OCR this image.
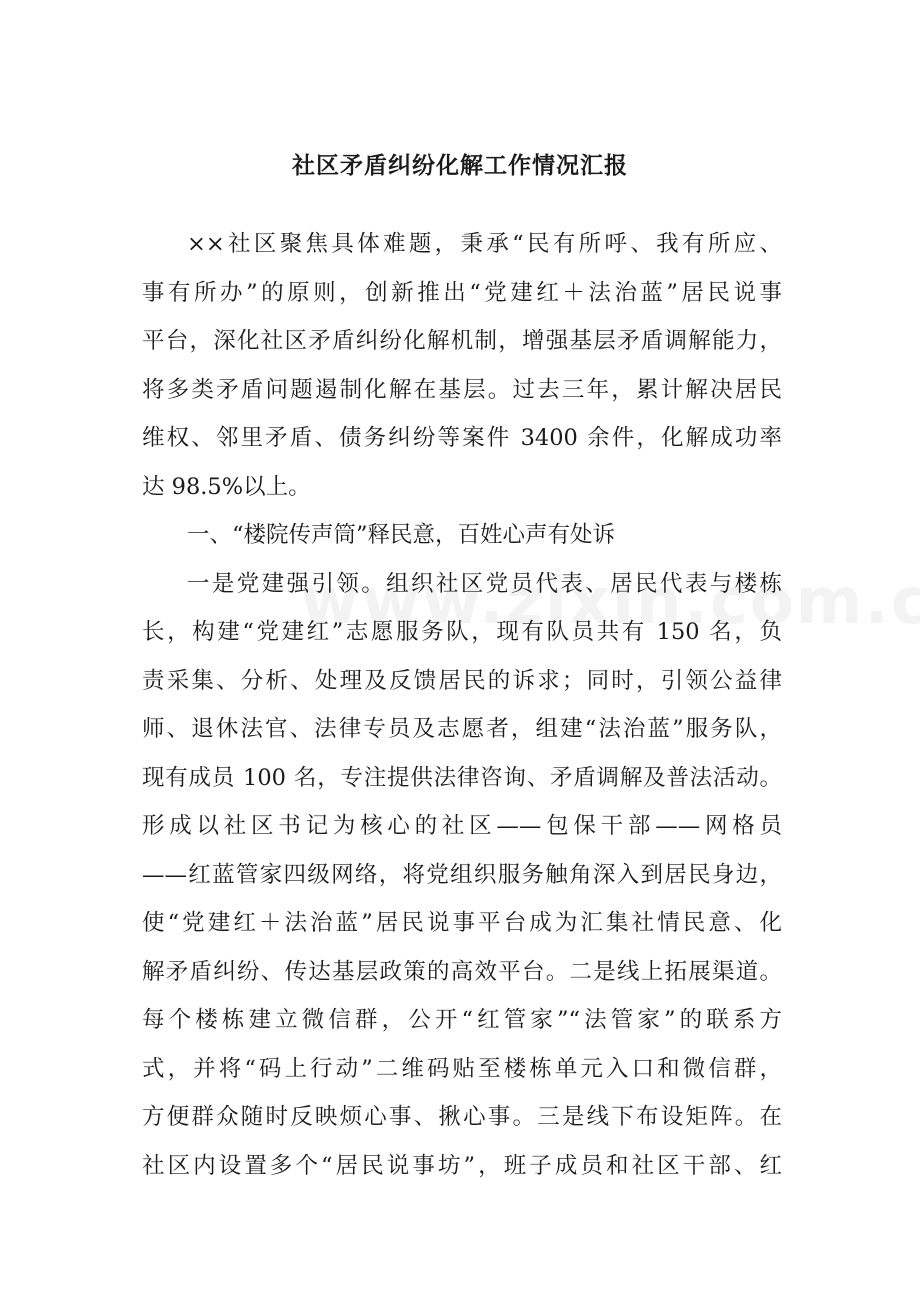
社区矛盾纠纷化解工作情况汇报
××社区聚焦具体难题，秉承“民有所呼、我有所应、
事有所办”的原则，创新推出“党建红＋法治蓝”居民说事
平台，深化社区矛盾纠纷化解机制，增强基层矛盾调解能力，
将多类矛盾问题遏制化解在基层。过去三年，累计解决居民
维权、邻里矛盾、债务纠纷等案件 3400 余件，化解成功率
达 98.5%以上。
一、“楼院传声筒”释民意，百姓心声有处诉
一是党建强引领。组织社区党员代表、居民代表与楼栋
长，构建“党建红”志愿服务队，现有队员共有 150 名，负
责采集、分析、处理及反馈居民的诉求；同时，引领公益律
师、退休法官、法律专员及志愿者，组建“法治蓝”服务队，
现有成员 100 名，专注提供法律咨询、矛盾调解及普法活动。
形成以社区书记为核心的社区——包保干部——网格员
——红蓝管家四级网络，将党组织服务触角深入到居民身边，
使“党建红＋法治蓝”居民说事平台成为汇集社情民意、化
解矛盾纠纷、传达基层政策的高效平台。二是线上拓展渠道。
每个楼栋建立微信群，公开“红管家”“法管家”的联系方
式，并将“码上行动”二维码贴至楼栋单元入口和微信群，
方便群众随时反映烦心事、揪心事。三是线下布设矩阵。在
社区内设置多个“居民说事坊”，班子成员和社区干部、红
